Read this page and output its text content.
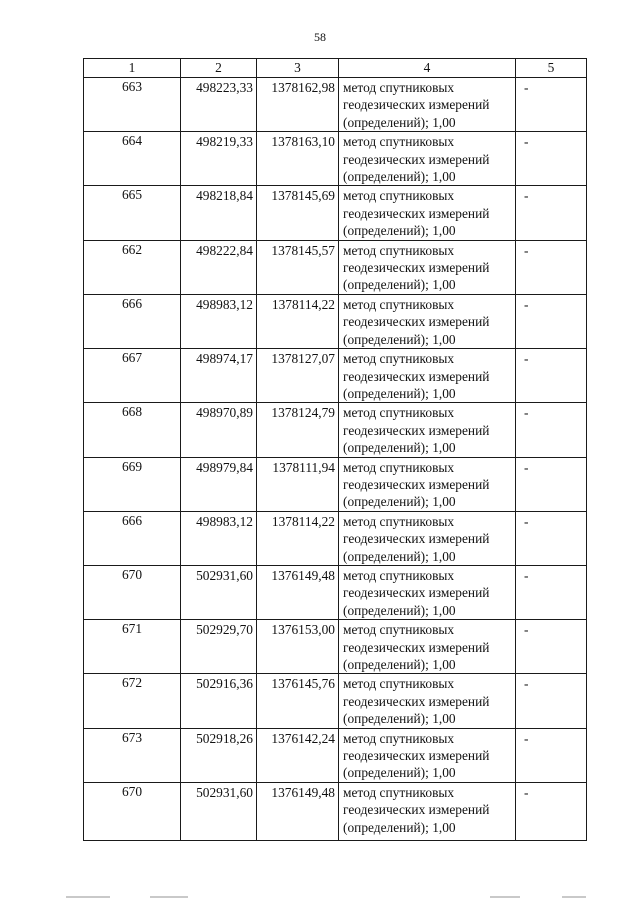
58
1	2	3	4	5
663	498223,33	1378162,98	метод спутниковых
геодезических измерений
(определений); 1,00	-
664	498219,33	1378163,10	метод спутниковых
геодезических измерений
(определений); 1,00	-
665	498218,84	1378145,69	метод спутниковых
геодезических измерений
(определений); 1,00	-
662	498222,84	1378145,57	метод спутниковых
геодезических измерений
(определений); 1,00	-
666	498983,12	1378114,22	метод спутниковых
геодезических измерений
(определений); 1,00	-
667	498974,17	1378127,07	метод спутниковых
геодезических измерений
(определений); 1,00	-
668	498970,89	1378124,79	метод спутниковых
геодезических измерений
(определений); 1,00	-
669	498979,84	1378111,94	метод спутниковых
геодезических измерений
(определений); 1,00	-
666	498983,12	1378114,22	метод спутниковых
геодезических измерений
(определений); 1,00	-
670	502931,60	1376149,48	метод спутниковых
геодезических измерений
(определений); 1,00	-
671	502929,70	1376153,00	метод спутниковых
геодезических измерений
(определений); 1,00	-
672	502916,36	1376145,76	метод спутниковых
геодезических измерений
(определений); 1,00	-
673	502918,26	1376142,24	метод спутниковых
геодезических измерений
(определений); 1,00	-
670	502931,60	1376149,48	метод спутниковых
геодезических измерений
(определений); 1,00	-
